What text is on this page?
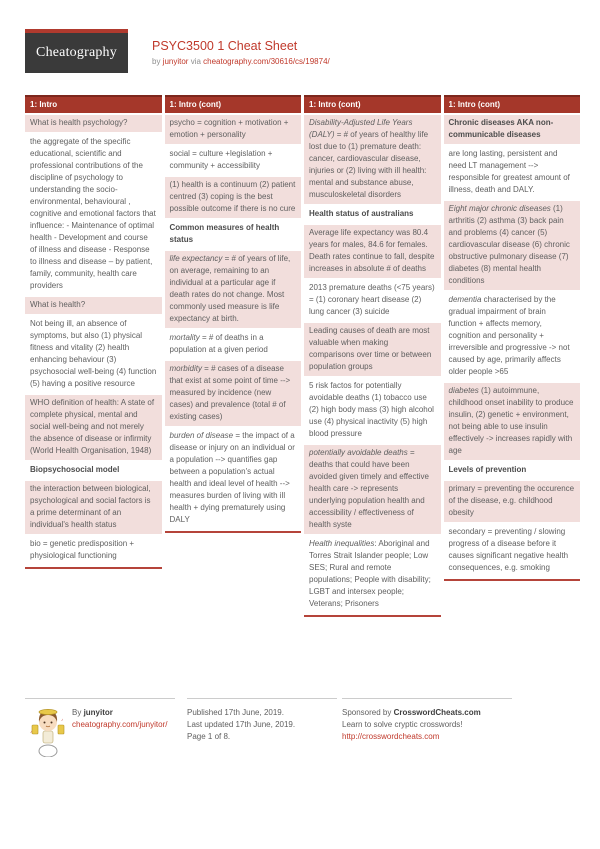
Cheatography	PSYC3500 1 Cheat Sheet
by junyitor via cheatography.com/30616/cs/19874/
1: Intro
What is health psychology?
the aggregate of the specific educational, scientific and professional contributions of the discipline of psychology to understanding the socio-environmental, behavioural , cognitive and emotional factors that influence: - Maintenance of optimal health - Development and course of illness and disease - Response to illness and disease – by patient, family, community, health care providers
What is health?
Not being ill, an absence of symptoms, but also (1) physical fitness and vitality (2) health enhancing behaviour (3) psychosocial well-being (4) function (5) having a positive resource
WHO definition of health: A state of complete physical, mental and social well-being and not merely the absence of disease or infirmity (World Health Organisation, 1948)
Biopsychosocial model
the interaction between biological, psychological and social factors is a prime determinant of an individual's health status
bio = genetic predisposition + physiological functioning
1: Intro (cont)
psycho = cognition + motivation + emotion + personality
social = culture +legislation + community + accessibility
(1) health is a continuum (2) patient centred (3) coping is the best possible outcome if there is no cure
Common measures of health status
life expectancy = # of years of life, on average, remaining to an individual at a particular age if death rates do not change. Most commonly used measure is life expectancy at birth.
mortality = # of deaths in a population at a given period
morbidity = # cases of a disease that exist at some point of time --> measured by incidence (new cases) and prevalence (total # of existing cases)
burden of disease = the impact of a disease or injury on an individual or a population --> quantifies gap between a population's actual health and ideal level of health --> measures burden of living with ill health + dying prematurely using DALY
1: Intro (cont)
Disability-Adjusted Life Years (DALY) = # of years of healthy life lost due to (1) premature death: cancer, cardiovascular disease, injuries or (2) living with ill health: mental and substance abuse, musculoskeletal disorders
Health status of australians
Average life expectancy was 80.4 years for males, 84.6 for females. Death rates continue to fall, despite increases in absolute # of deaths
2013 premature deaths (<75 years) = (1) coronary heart disease (2) lung cancer (3) suicide
Leading causes of death are most valuable when making comparisons over time or between population groups
5 risk factos for potentially avoidable deaths (1) tobacco use (2) high body mass (3) high alcohol use (4) physical inactivity (5) high blood pressure
potentially avoidable deaths = deaths that could have been avoided given timely and effective health care -> represents underlying population health and accessibility / effectiveness of health syste
Health inequalities: Aboriginal and Torres Strait Islander people; Low SES; Rural and remote populations; People with disability; LGBT and intersex people; Veterans; Prisoners
1: Intro (cont)
Chronic diseases AKA non-communicable diseases
are long lasting, persistent and need LT management --> responsible for greatest amount of illness, death and DALY.
Eight major chronic diseases (1) arthritis (2) asthma (3) back pain and problems (4) cancer (5) cardiovascular disease (6) chronic obstructive pulmonary disease (7) diabetes (8) mental health conditions
dementia characterised by the gradual impairment of brain function + affects memory, cognition and personality + irreversible and progressive -> not caused by age, primarily affects older people >65
diabetes (1) autoimmune, childhood onset inability to produce insulin, (2) genetic + environment, not being able to use insulin effectively -> increases rapidly with age
Levels of prevention
primary = preventing the occurence of the disease, e.g. childhood obesity
secondary = preventing / slowing progress of a disease before it causes significant negative health consequences, e.g. smoking
♪
♪
By junyitor
cheatography.com/junyitor/
Published 17th June, 2019.
Last updated 17th June, 2019.
Page 1 of 8.
Sponsored by CrosswordCheats.com
Learn to solve cryptic crosswords!
http://crosswordcheats.com
